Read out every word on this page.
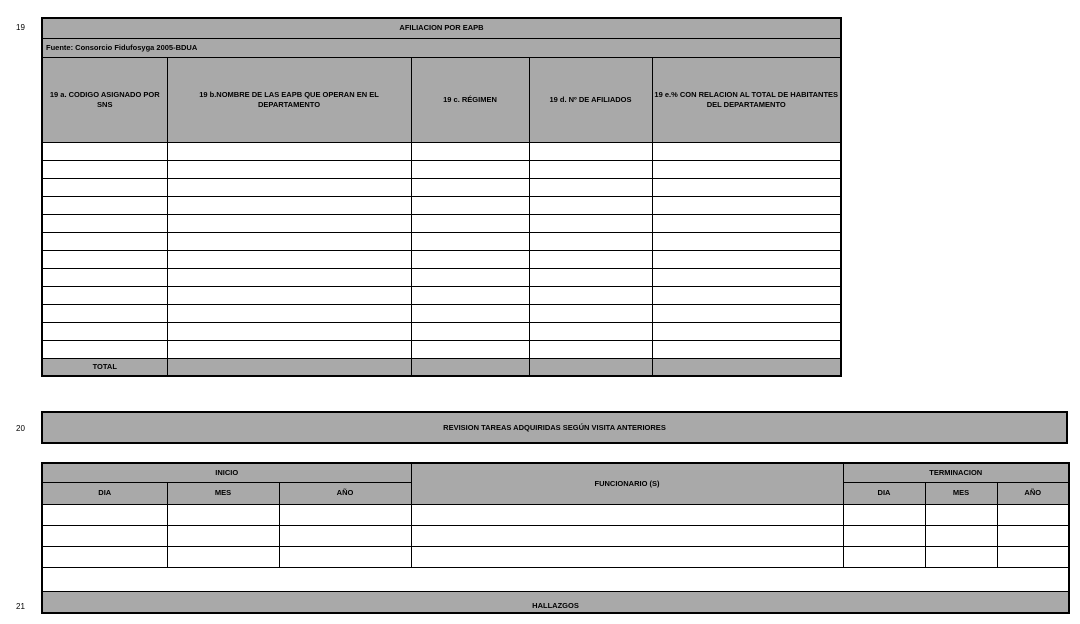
19	AFILIACION POR EAPB				
Fuente: Consorcio Fidufosyga 2005-BDUA				
19 a. CODIGO ASIGNADO POR SNS	19 b.NOMBRE DE LAS EAPB QUE OPERAN EN EL DEPARTAMENTO	19 c. RÉGIMEN	19 d. Nº DE AFILIADOS	19 e.% CON RELACION AL TOTAL DE HABITANTES DEL DEPARTAMENTO

TOTAL				
20	REVISION TAREAS ADQUIRIDAS SEGÚN VISITA ANTERIORES
INICIO			FUNCIONARIO (S)	TERMINACION		
DIA	MES	AÑO		DIA	MES	AÑO

HALLAZGOS						
21
